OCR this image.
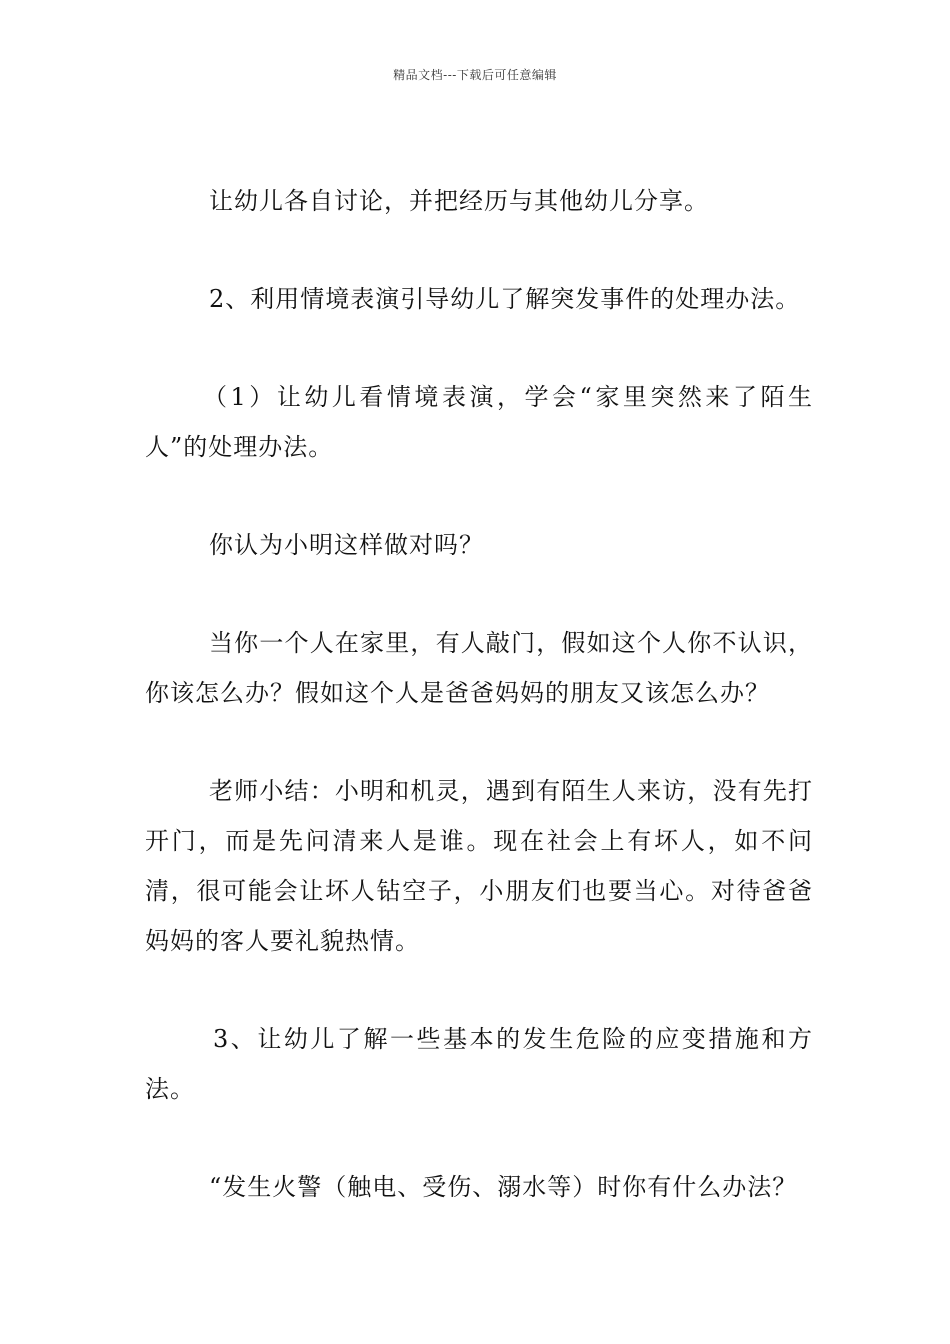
精品文档---下载后可任意编辑

让幼儿各自讨论，并把经历与其他幼儿分享。

2、利用情境表演引导幼儿了解突发事件的处理办法。

（1）让幼儿看情境表演，学会“家里突然来了陌生人”的处理办法。

你认为小明这样做对吗？

当你一个人在家里，有人敲门，假如这个人你不认识，你该怎么办？假如这个人是爸爸妈妈的朋友又该怎么办？

老师小结：小明和机灵，遇到有陌生人来访，没有先打开门，而是先问清来人是谁。现在社会上有坏人，如不问清，很可能会让坏人钻空子，小朋友们也要当心。对待爸爸妈妈的客人要礼貌热情。

3、让幼儿了解一些基本的发生危险的应变措施和方法。

“发生火警（触电、受伤、溺水等）时你有什么办法？
